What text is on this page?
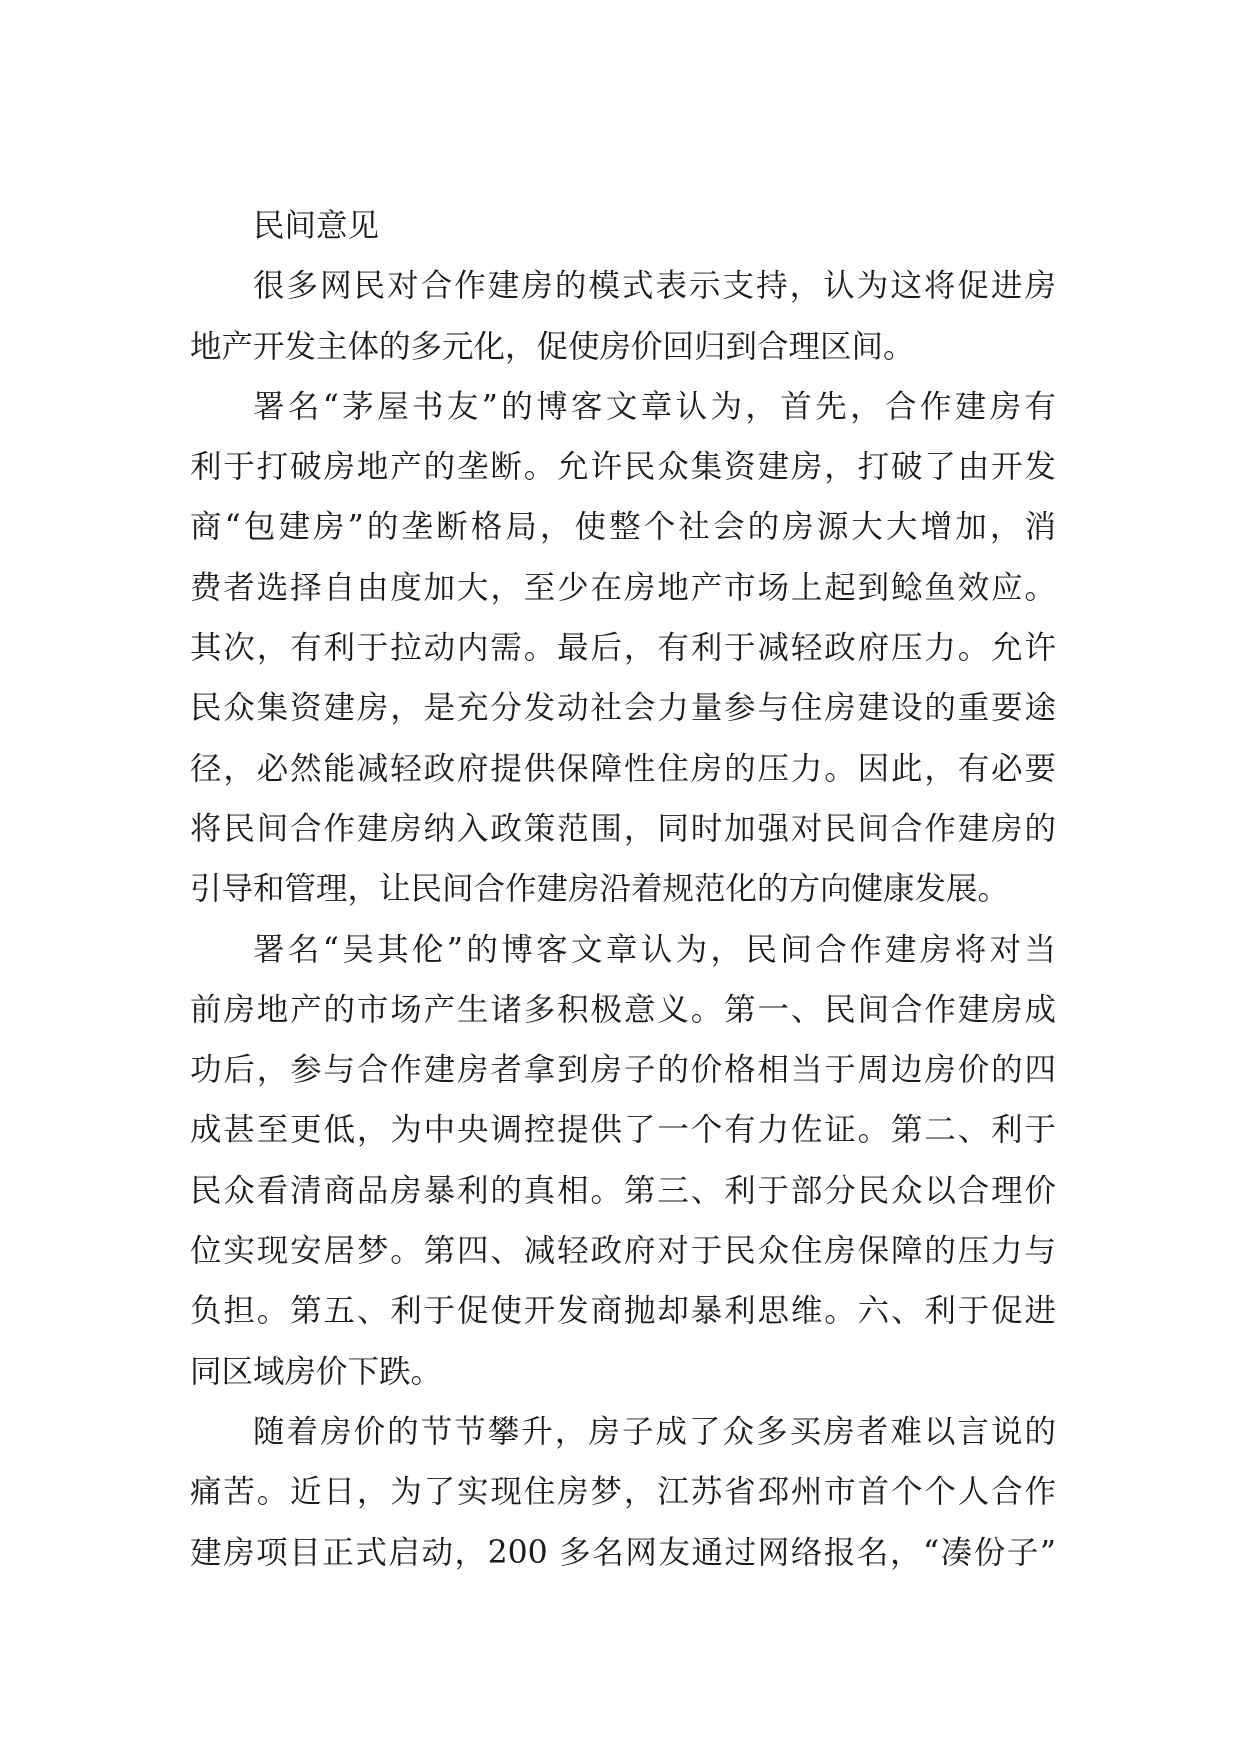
民间意见
很多网民对合作建房的模式表示支持，认为这将促进房
地产开发主体的多元化，促使房价回归到合理区间。
署名“茅屋书友”的博客文章认为，首先，合作建房有
利于打破房地产的垄断。允许民众集资建房，打破了由开发
商“包建房”的垄断格局，使整个社会的房源大大增加，消
费者选择自由度加大，至少在房地产市场上起到鲶鱼效应。
其次，有利于拉动内需。最后，有利于减轻政府压力。允许
民众集资建房，是充分发动社会力量参与住房建设的重要途
径，必然能减轻政府提供保障性住房的压力。因此，有必要
将民间合作建房纳入政策范围，同时加强对民间合作建房的
引导和管理，让民间合作建房沿着规范化的方向健康发展。
署名“吴其伦”的博客文章认为，民间合作建房将对当
前房地产的市场产生诸多积极意义。第一、民间合作建房成
功后，参与合作建房者拿到房子的价格相当于周边房价的四
成甚至更低，为中央调控提供了一个有力佐证。第二、利于
民众看清商品房暴利的真相。第三、利于部分民众以合理价
位实现安居梦。第四、减轻政府对于民众住房保障的压力与
负担。第五、利于促使开发商抛却暴利思维。六、利于促进
同区域房价下跌。
随着房价的节节攀升，房子成了众多买房者难以言说的
痛苦。近日，为了实现住房梦，江苏省邳州市首个个人合作
建房项目正式启动，200 多名网友通过网络报名，“凑份子”
